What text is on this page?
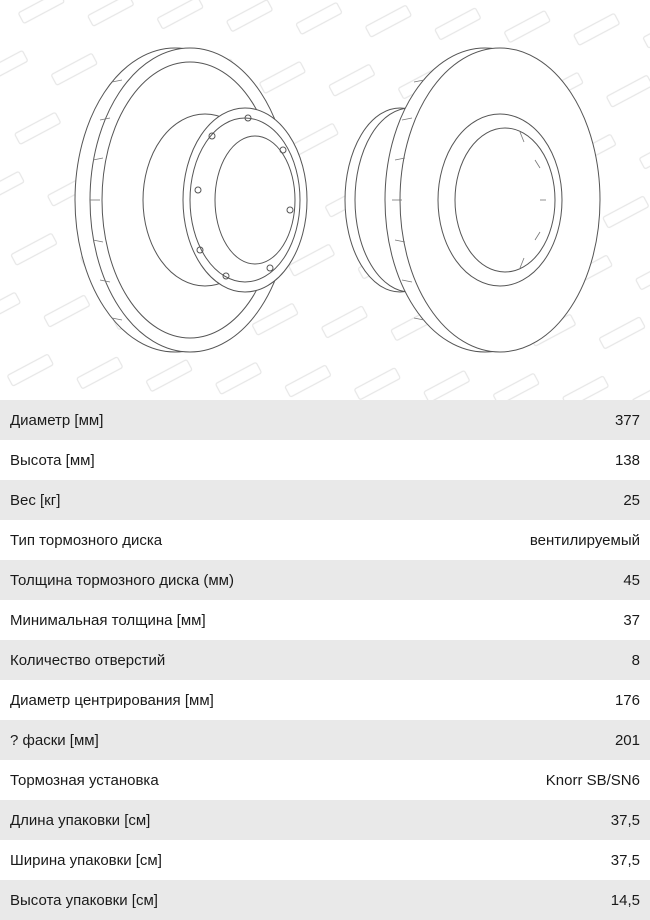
Диаметр [мм]	377
Высота [мм]	138
Вес [кг]	25
Тип тормозного диска	вентилируемый
Толщина тормозного диска (мм)	45
Минимальная толщина [мм]	37
Количество отверстий	8
Диаметр центрирования [мм]	176
? фаски [мм]	201
Тормозная установка	Knorr SB/SN6
Длина упаковки [см]	37,5
Ширина упаковки [см]	37,5
Высота упаковки [см]	14,5
